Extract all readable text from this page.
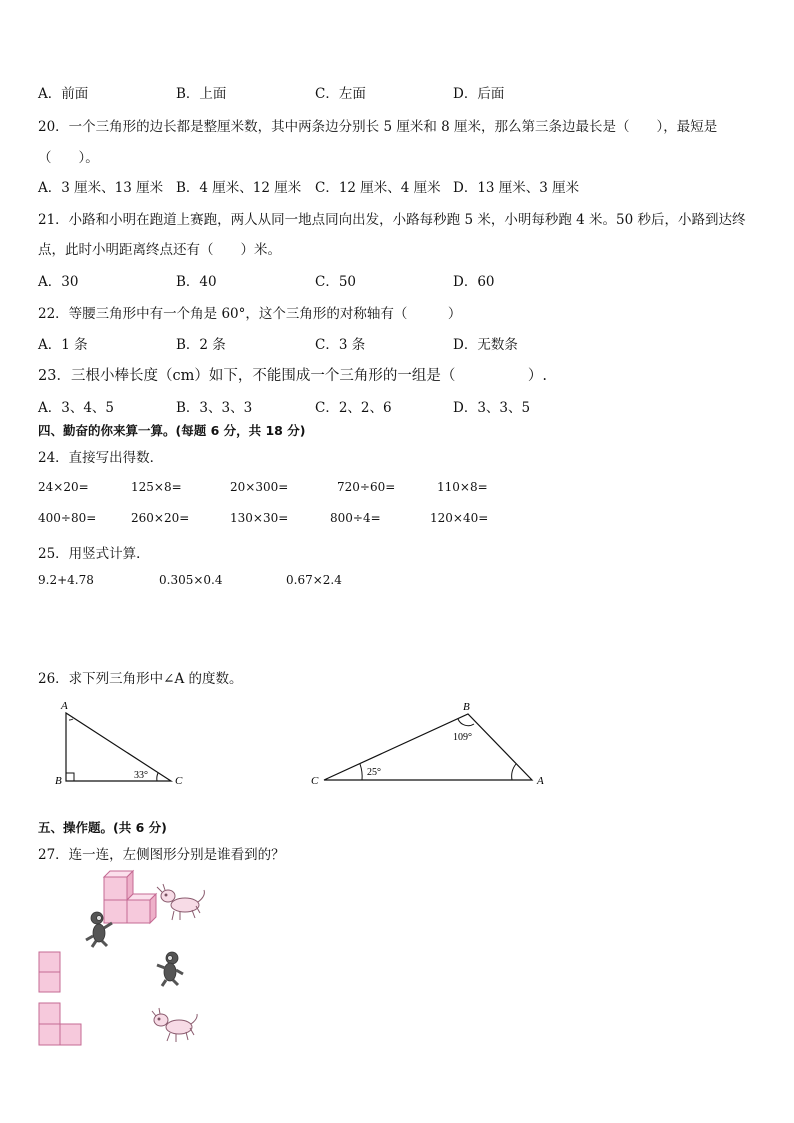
A．前面	B．上面	C．左面	D．后面
20．一个三角形的边长都是整厘米数，其中两条边分别长 5 厘米和 8 厘米，那么第三条边最长是（　　），最短是
（　　）。
A．3 厘米、13 厘米 B．4 厘米、12 厘米 C．12 厘米、4 厘米 D．13 厘米、3 厘米
21．小路和小明在跑道上赛跑，两人从同一地点同向出发，小路每秒跑 5 米，小明每秒跑 4 米。50 秒后，小路到达终
点，此时小明距离终点还有（　　）米。
A．30	B．40	C．50	D．60
22．等腰三角形中有一个角是 60°，这个三角形的对称轴有（　　　）
A．1 条	B．2 条	C．3 条	D．无数条
23．三根小棒长度（cm）如下，不能围成一个三角形的一组是（　　　　　）.
A．3、4、5	B．3、3、3	C．2、2、6	D．3、3、5
四、勤奋的你来算一算。(每题 6 分，共 18 分)
24．直接写出得数．
24×20=	125×8=	20×300=	720÷60=	110×8=
400÷80=	260×20=	130×30=	800÷4=	120×40=
25．用竖式计算．
9.2+4.78	0.305×0.4	0.67×2.4
26．求下列三角形中∠A 的度数。
A
B	C
33°
B
C	A
109°
25°
五、操作题。(共 6 分)
27．连一连，左侧图形分别是谁看到的？
